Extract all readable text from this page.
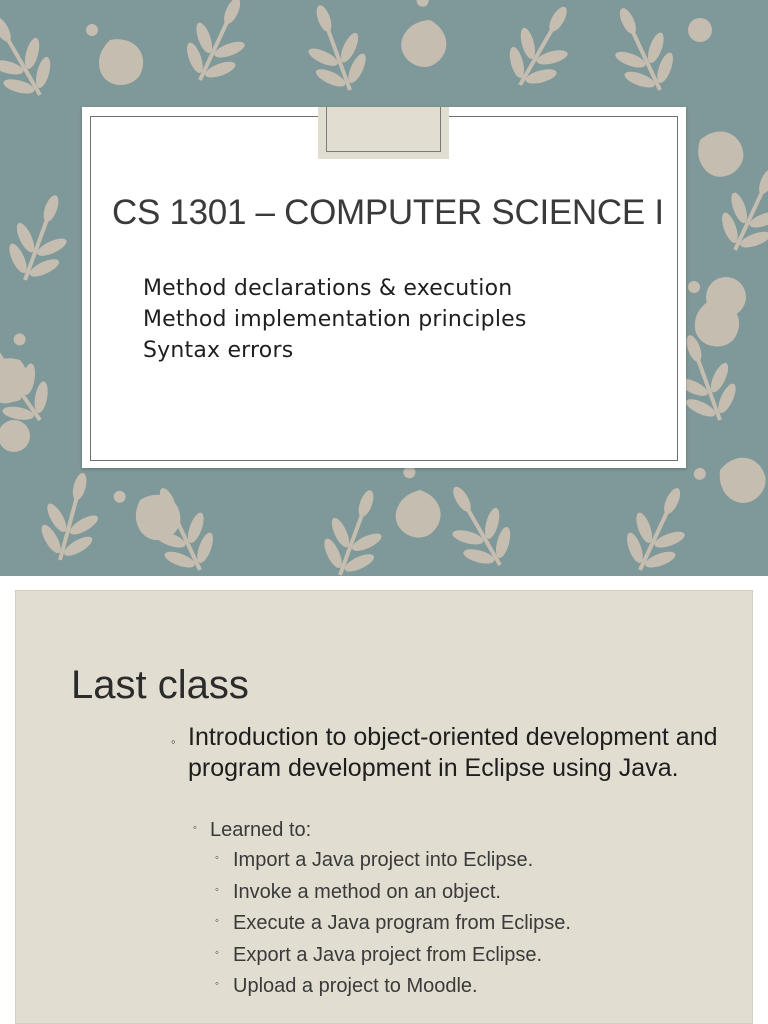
CS 1301 – COMPUTER SCIENCE I
Method declarations & execution
Method implementation principles
Syntax errors
Last class
◦ Introduction to object-oriented development and program development in Eclipse using Java.
◦ Learned to:
◦ Import a Java project into Eclipse.
◦ Invoke a method on an object.
◦ Execute a Java program from Eclipse.
◦ Export a Java project from Eclipse.
◦ Upload a project to Moodle.
